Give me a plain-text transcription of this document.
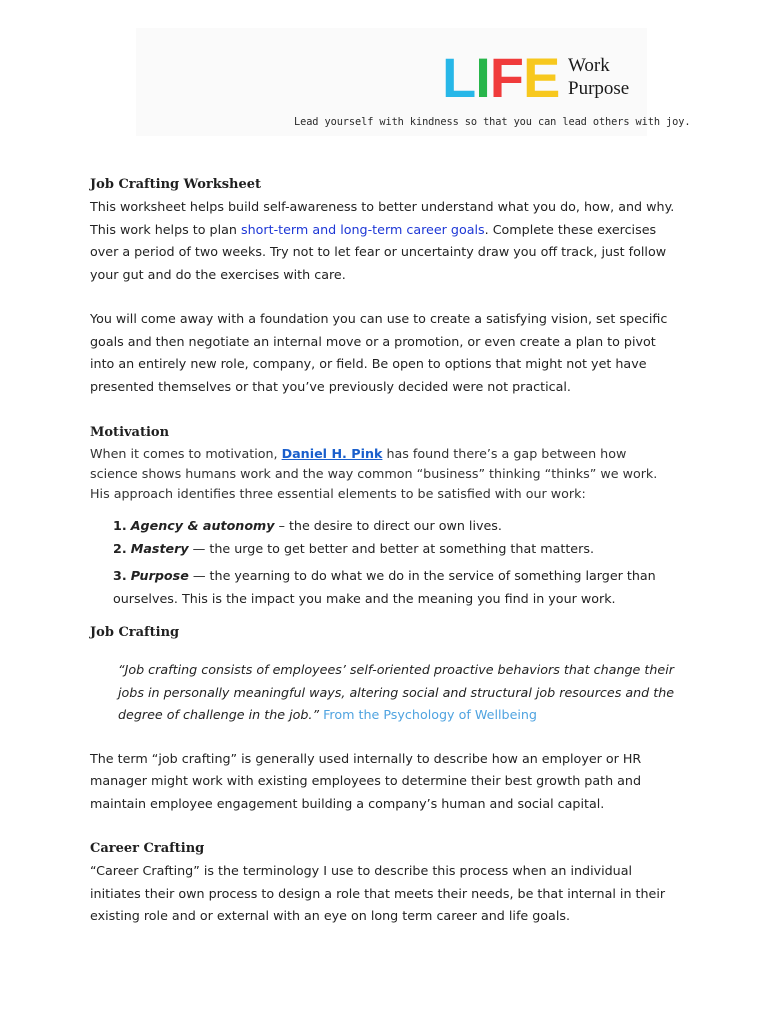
LIFE Work
Purpose
Lead yourself with kindness so that you can lead others with joy.
Job Crafting Worksheet

This worksheet helps build self-awareness to better understand what you do, how, and why. This work helps to plan short-term and long-term career goals. Complete these exercises over a period of two weeks. Try not to let fear or uncertainty draw you off track, just follow your gut and do the exercises with care.

You will come away with a foundation you can use to create a satisfying vision, set specific goals and then negotiate an internal move or a promotion, or even create a plan to pivot into an entirely new role, company, or field. Be open to options that might not yet have presented themselves or that you’ve previously decided were not practical.

Motivation

When it comes to motivation, Daniel H. Pink has found there’s a gap between how science shows humans work and the way common “business” thinking “thinks” we work. His approach identifies three essential elements to be satisfied with our work:

1. Agency & autonomy – the desire to direct our own lives.
2. Mastery — the urge to get better and better at something that matters.
3. Purpose — the yearning to do what we do in the service of something larger than ourselves. This is the impact you make and the meaning you find in your work.
Job Crafting

“Job crafting consists of employees’ self-oriented proactive behaviors that change their jobs in personally meaningful ways, altering social and structural job resources and the degree of challenge in the job.” From the Psychology of Wellbeing

The term “job crafting” is generally used internally to describe how an employer or HR manager might work with existing employees to determine their best growth path and maintain employee engagement building a company’s human and social capital.

Career Crafting

“Career Crafting” is the terminology I use to describe this process when an individual initiates their own process to design a role that meets their needs, be that internal in their existing role and or external with an eye on long term career and life goals.
